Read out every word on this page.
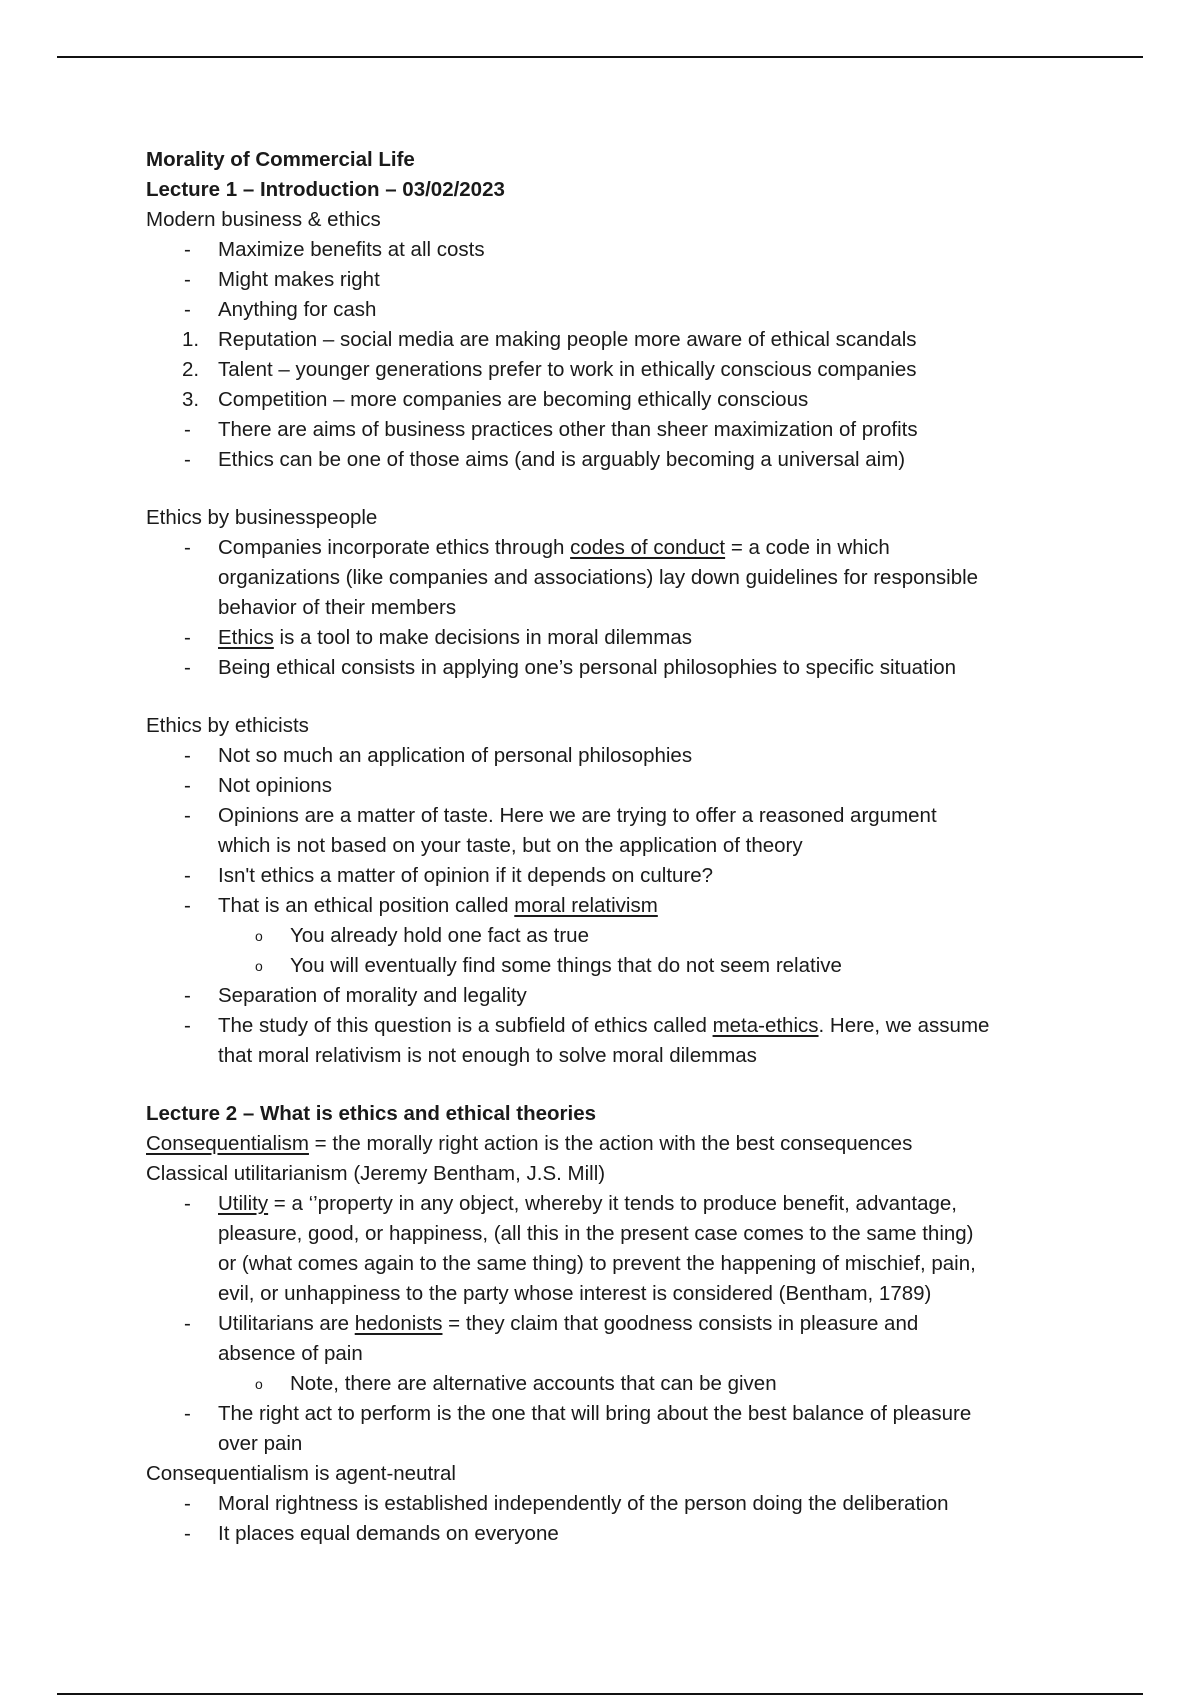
Morality of Commercial Life
Lecture 1 – Introduction – 03/02/2023
Modern business & ethics
- Maximize benefits at all costs
- Might makes right
- Anything for cash
1. Reputation – social media are making people more aware of ethical scandals
2. Talent – younger generations prefer to work in ethically conscious companies
3. Competition – more companies are becoming ethically conscious
- There are aims of business practices other than sheer maximization of profits
- Ethics can be one of those aims (and is arguably becoming a universal aim)
Ethics by businesspeople
- Companies incorporate ethics through codes of conduct = a code in which
organizations (like companies and associations) lay down guidelines for responsible
behavior of their members
- Ethics is a tool to make decisions in moral dilemmas
- Being ethical consists in applying one’s personal philosophies to specific situation
Ethics by ethicists
- Not so much an application of personal philosophies
- Not opinions
- Opinions are a matter of taste. Here we are trying to offer a reasoned argument
which is not based on your taste, but on the application of theory
- Isn't ethics a matter of opinion if it depends on culture?
- That is an ethical position called moral relativism
o You already hold one fact as true
o You will eventually find some things that do not seem relative
- Separation of morality and legality
- The study of this question is a subfield of ethics called meta-ethics. Here, we assume
that moral relativism is not enough to solve moral dilemmas
Lecture 2 – What is ethics and ethical theories
Consequentialism = the morally right action is the action with the best consequences
Classical utilitarianism (Jeremy Bentham, J.S. Mill)
- Utility = a ‘’property in any object, whereby it tends to produce benefit, advantage,
pleasure, good, or happiness, (all this in the present case comes to the same thing)
or (what comes again to the same thing) to prevent the happening of mischief, pain,
evil, or unhappiness to the party whose interest is considered (Bentham, 1789)
- Utilitarians are hedonists = they claim that goodness consists in pleasure and
absence of pain
o Note, there are alternative accounts that can be given
- The right act to perform is the one that will bring about the best balance of pleasure
over pain
Consequentialism is agent-neutral
- Moral rightness is established independently of the person doing the deliberation
- It places equal demands on everyone
